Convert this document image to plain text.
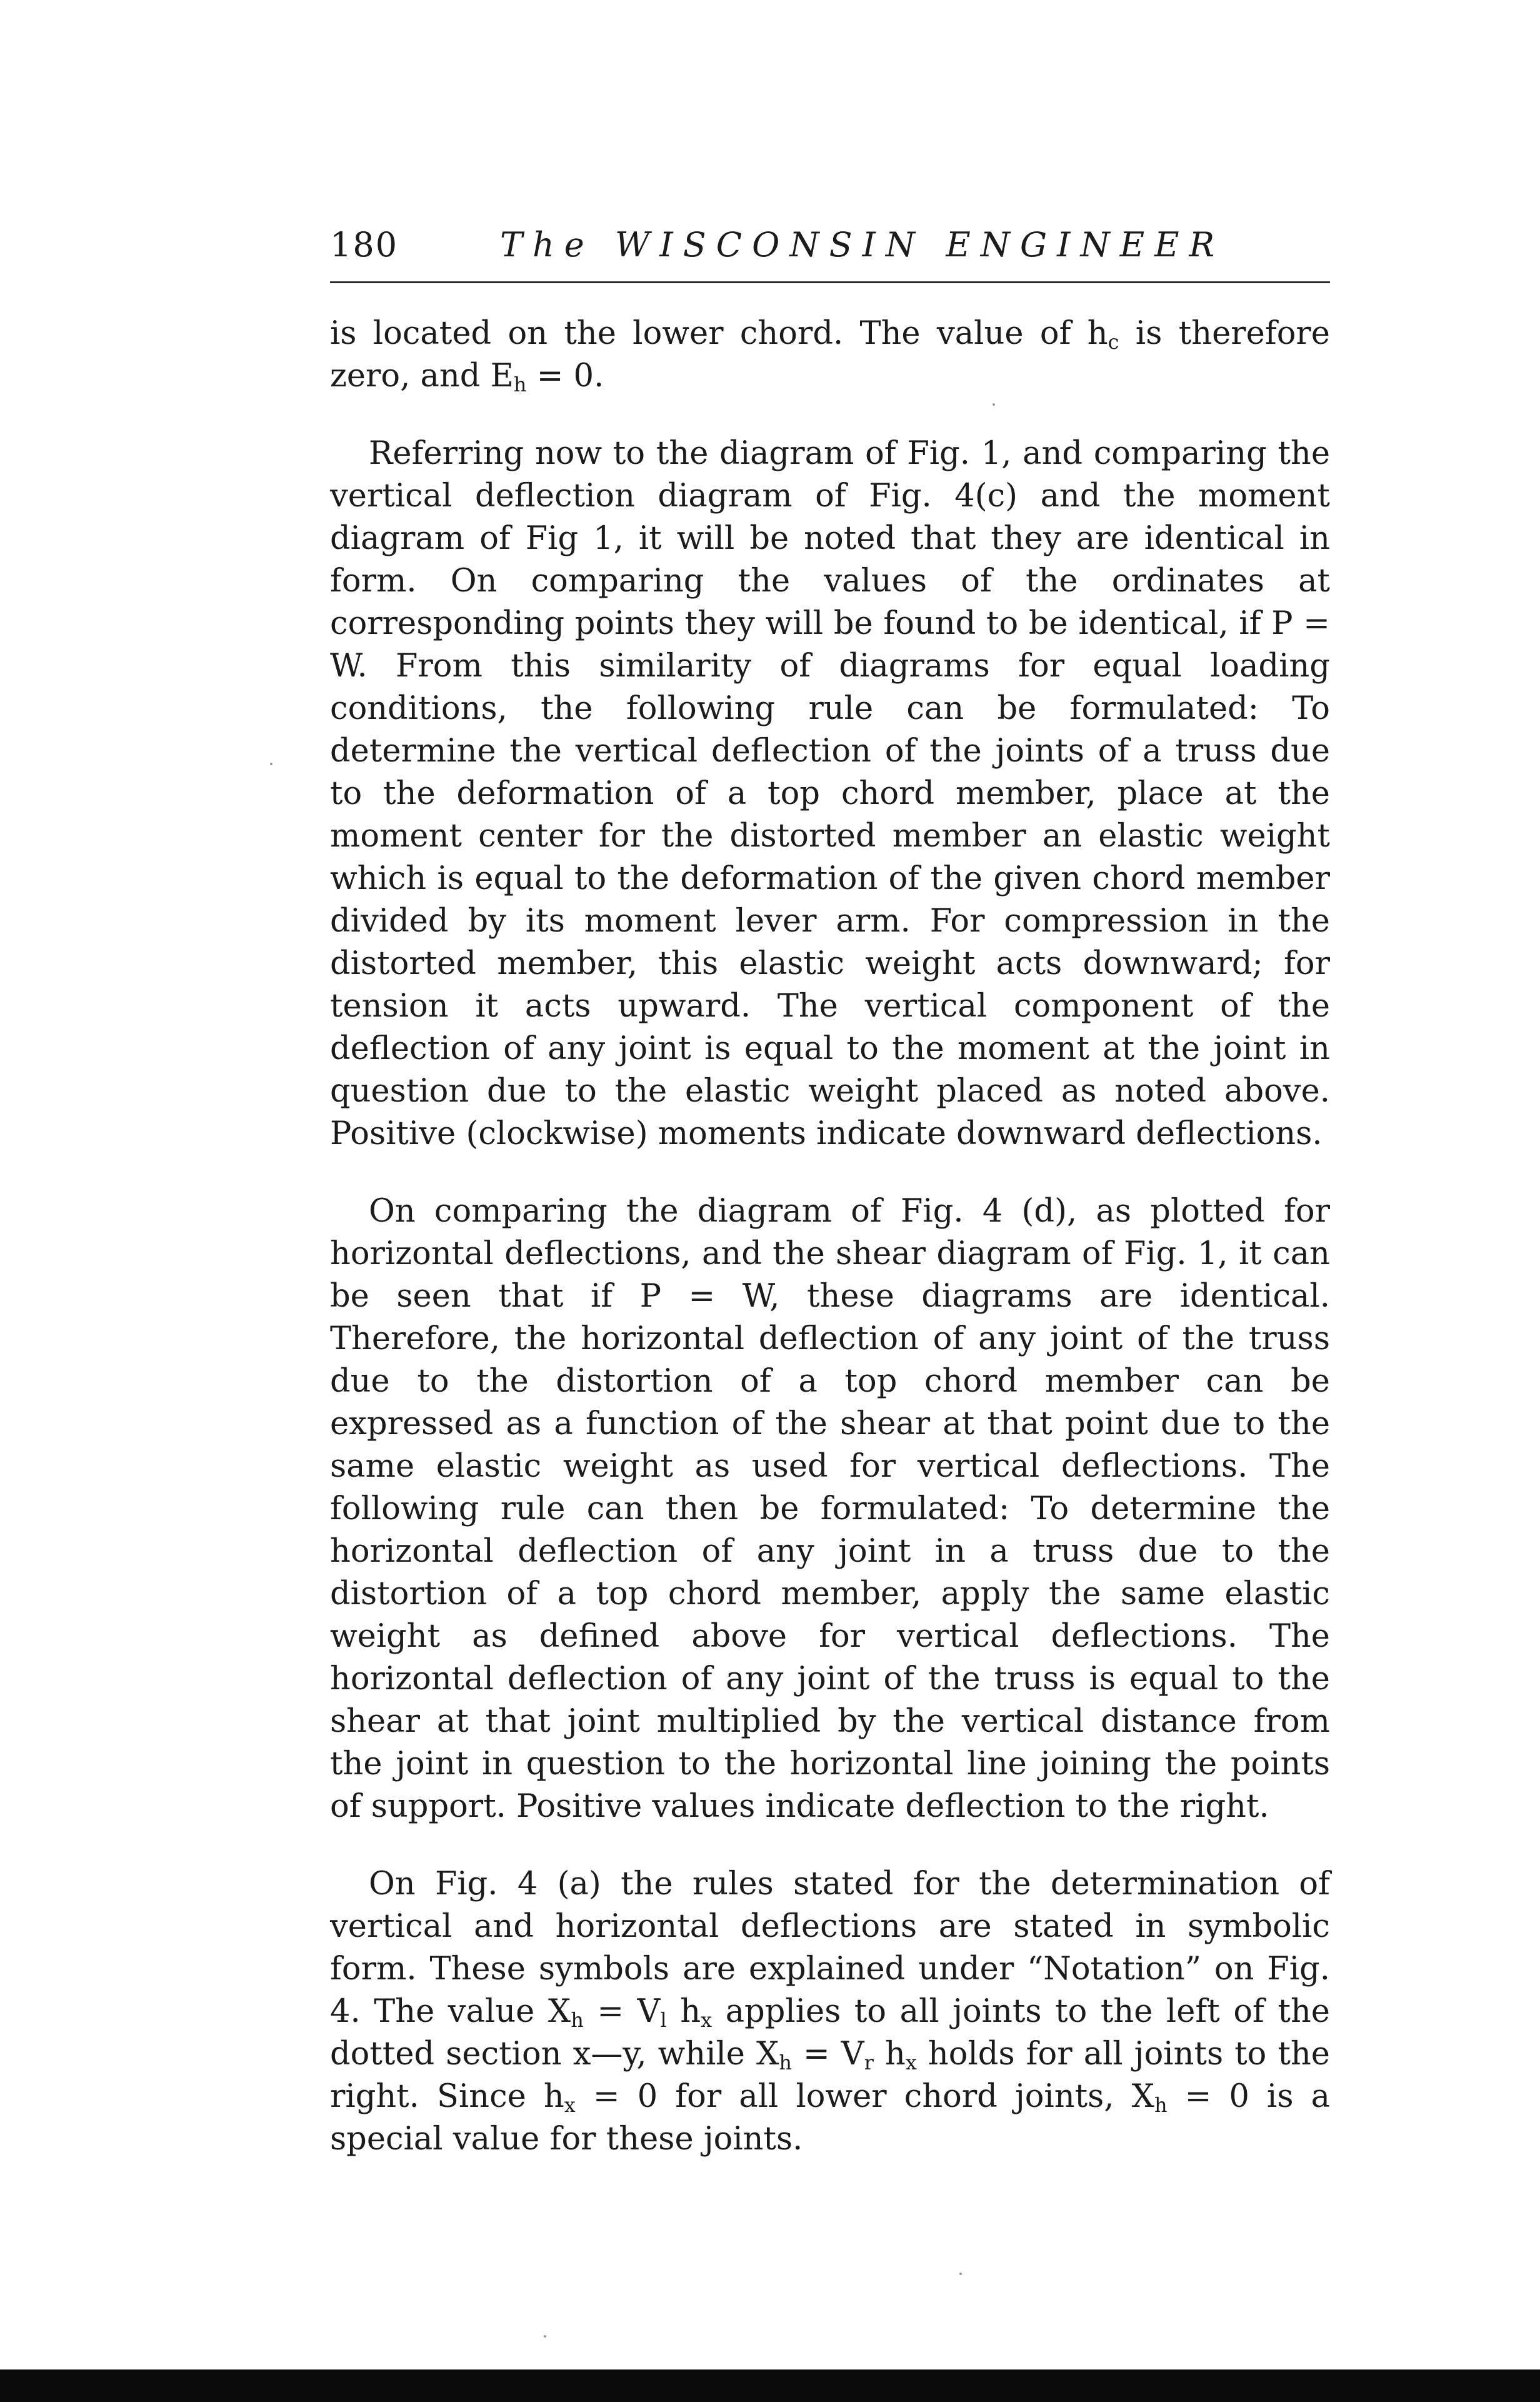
180	The WISCONSIN ENGINEER

is located on the lower chord. The value of $h_c$ is therefore zero, and $E_h = 0$.

Referring now to the diagram of Fig. 1, and comparing the vertical deflection diagram of Fig. 4(c) and the moment diagram of Fig 1, it will be noted that they are identical in form. On comparing the values of the ordinates at corresponding points they will be found to be identical, if P = W. From this similarity of diagrams for equal loading conditions, the following rule can be formulated: To determine the vertical deflection of the joints of a truss due to the deformation of a top chord member, place at the moment center for the distorted member an elastic weight which is equal to the deformation of the given chord member divided by its moment lever arm. For compression in the distorted member, this elastic weight acts downward; for tension it acts upward. The vertical component of the deflection of any joint is equal to the moment at the joint in question due to the elastic weight placed as noted above. Positive (clockwise) moments indicate downward deflections.

On comparing the diagram of Fig. 4 (d), as plotted for horizontal deflections, and the shear diagram of Fig. 1, it can be seen that if P = W, these diagrams are identical. Therefore, the horizontal deflection of any joint of the truss due to the distortion of a top chord member can be expressed as a function of the shear at that point due to the same elastic weight as used for vertical deflections. The following rule can then be formulated: To determine the horizontal deflection of any joint in a truss due to the distortion of a top chord member, apply the same elastic weight as defined above for vertical deflections. The horizontal deflection of any joint of the truss is equal to the shear at that joint multiplied by the vertical distance from the joint in question to the horizontal line joining the points of support. Positive values indicate deflection to the right.

On Fig. 4 (a) the rules stated for the determination of vertical and horizontal deflections are stated in symbolic form. These symbols are explained under “Notation” on Fig. 4. The value $X_h = V_l$ $h_x$ applies to all joints to the left of the dotted section x—y, while $X_h = V_r$ $h_x$ holds for all joints to the right. Since $h_x = 0$ for all lower chord joints, $X_h = 0$ is a special value for these joints.
